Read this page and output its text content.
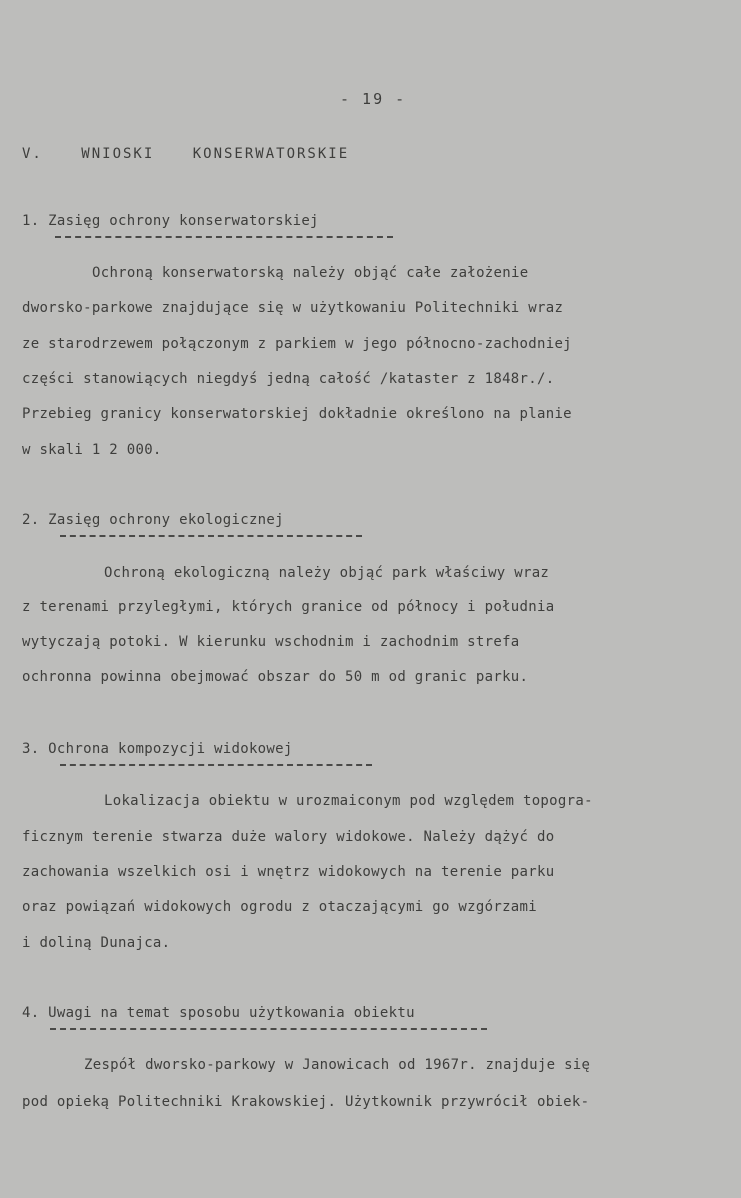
- 19 -
V. WNIOSKI KONSERWATORSKIE
1. Zasięg ochrony konserwatorskiej
Ochroną konserwatorską należy objąć całe założenie
dworsko-parkowe znajdujące się w użytkowaniu Politechniki wraz
ze starodrzewem połączonym z parkiem w jego północno-zachodniej
części stanowiących niegdyś jedną całość /kataster z 1848r./.
Przebieg granicy konserwatorskiej dokładnie określono na planie
w skali 1 2 000.
2. Zasięg ochrony ekologicznej
Ochroną ekologiczną należy objąć park właściwy wraz
z terenami przyległymi, których granice od północy i południa
wytyczają potoki. W kierunku wschodnim i zachodnim strefa
ochronna powinna obejmować obszar do 50 m od granic parku.
3. Ochrona kompozycji widokowej
Lokalizacja obiektu w urozmaiconym pod względem topogra-
ficznym terenie stwarza duże walory widokowe. Należy dążyć do
zachowania wszelkich osi i wnętrz widokowych na terenie parku
oraz powiązań widokowych ogrodu z otaczającymi go wzgórzami
i doliną Dunajca.
4. Uwagi na temat sposobu użytkowania obiektu
Zespół dworsko-parkowy w Janowicach od 1967r. znajduje się
pod opieką Politechniki Krakowskiej. Użytkownik przywrócił obiek-
